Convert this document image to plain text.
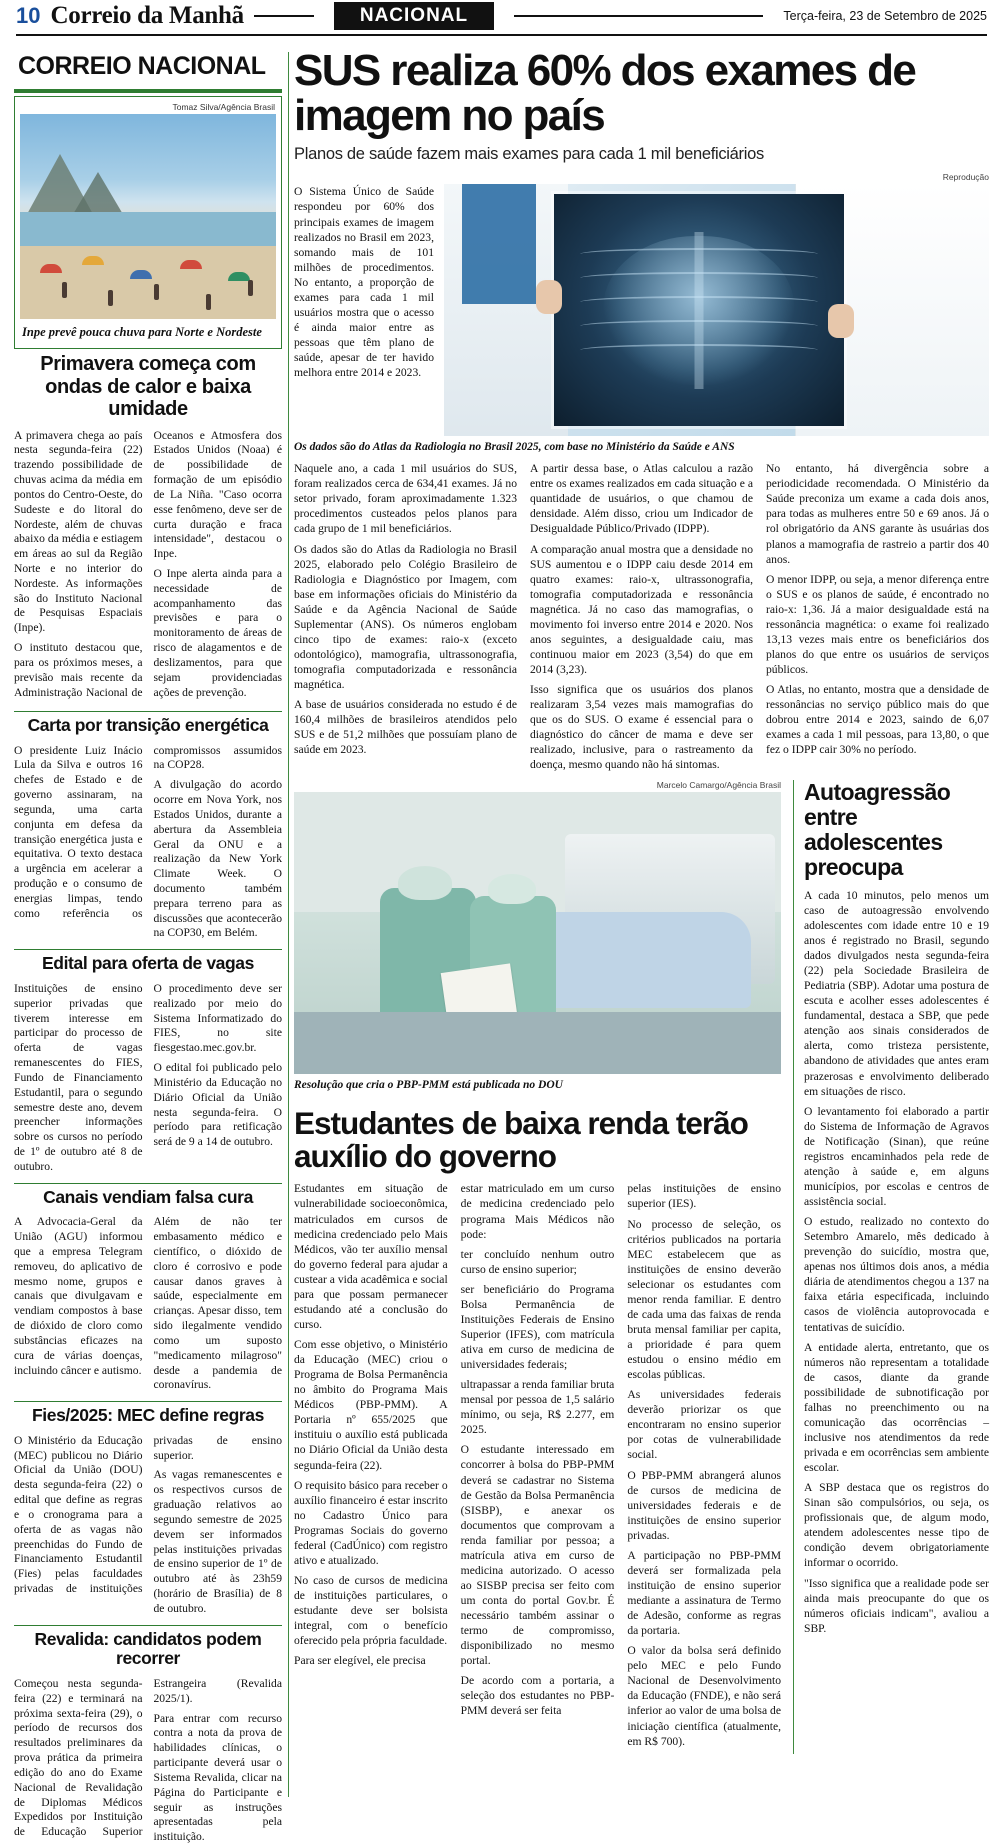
10 Correio da Manhã	NACIONAL	Terça-feira, 23 de Setembro de 2025
CORREIO NACIONAL
Tomaz Silva/Agência Brasil
Inpe prevê pouca chuva para Norte e Nordeste
Primavera começa com ondas de calor e baixa umidade

A primavera chega ao país nesta segunda-feira (22) trazendo possibilidade de chuvas acima da média em pontos do Centro-Oeste, do Sudeste e do litoral do Nordeste, além de chuvas abaixo da média e estiagem em áreas ao sul da Região Norte e no interior do Nordeste. As informações são do Instituto Nacional de Pesquisas Espaciais (Inpe).

O instituto destacou que, para os próximos meses, a previsão mais recente da Administração Nacional de Oceanos e Atmosfera dos Estados Unidos (Noaa) é de possibilidade de formação de um episódio de La Niña. "Caso ocorra esse fenômeno, deve ser de curta duração e fraca intensidade", destacou o Inpe.

O Inpe alerta ainda para a necessidade de acompanhamento das previsões e para o monitoramento de áreas de risco de alagamentos e de deslizamentos, para que sejam providenciadas ações de prevenção.

Carta por transição energética

O presidente Luiz Inácio Lula da Silva e outros 16 chefes de Estado e de governo assinaram, na segunda, uma carta conjunta em defesa da transição energética justa e equitativa. O texto destaca a urgência em acelerar a produção e o consumo de energias limpas, tendo como referência os compromissos assumidos na COP28.

A divulgação do acordo ocorre em Nova York, nos Estados Unidos, durante a abertura da Assembleia Geral da ONU e a realização da New York Climate Week. O documento também prepara terreno para as discussões que acontecerão na COP30, em Belém.

Edital para oferta de vagas

Instituições de ensino superior privadas que tiverem interesse em participar do processo de oferta de vagas remanescentes do FIES, Fundo de Financiamento Estudantil, para o segundo semestre deste ano, devem preencher informações sobre os cursos no período de 1º de outubro até 8 de outubro.

O procedimento deve ser realizado por meio do Sistema Informatizado do FIES, no site fiesgestao.mec.gov.br.

O edital foi publicado pelo Ministério da Educação no Diário Oficial da União nesta segunda-feira. O período para retificação será de 9 a 14 de outubro.

Canais vendiam falsa cura

A Advocacia-Geral da União (AGU) informou que a empresa Telegram removeu, do aplicativo de mesmo nome, grupos e canais que divulgavam e vendiam compostos à base de dióxido de cloro como substâncias eficazes na cura de várias doenças, incluindo câncer e autismo.

Além de não ter embasamento médico e científico, o dióxido de cloro é corrosivo e pode causar danos graves à saúde, especialmente em crianças. Apesar disso, tem sido ilegalmente vendido como um suposto "medicamento milagroso" desde a pandemia de coronavírus.

Fies/2025: MEC define regras

O Ministério da Educação (MEC) publicou no Diário Oficial da União (DOU) desta segunda-feira (22) o edital que define as regras e o cronograma para a oferta de as vagas não preenchidas do Fundo de Financiamento Estudantil (Fies) pelas faculdades privadas de instituições privadas de ensino superior.

As vagas remanescentes e os respectivos cursos de graduação relativos ao segundo semestre de 2025 devem ser informados pelas instituições privadas de ensino superior de 1º de outubro até às 23h59 (horário de Brasília) de 8 de outubro.

Revalida: candidatos podem recorrer

Começou nesta segunda-feira (22) e terminará na próxima sexta-feira (29), o período de recursos dos resultados preliminares da prova prática da primeira edição do ano do Exame Nacional de Revalidação de Diplomas Médicos Expedidos por Instituição de Educação Superior Estrangeira (Revalida 2025/1).

Para entrar com recurso contra a nota da prova de habilidades clínicas, o participante deverá usar o Sistema Revalida, clicar na Página do Participante e seguir as instruções apresentadas pela instituição.

SUS realiza 60% dos exames de imagem no país
Planos de saúde fazem mais exames para cada 1 mil beneficiários
Reprodução

O Sistema Único de Saúde respondeu por 60% dos principais exames de imagem realizados no Brasil em 2023, somando mais de 101 milhões de procedimentos. No entanto, a proporção de exames para cada 1 mil usuários mostra que o acesso é ainda maior entre as pessoas que têm plano de saúde, apesar de ter havido melhora entre 2014 e 2023.

Os dados são do Atlas da Radiologia no Brasil 2025, com base no Ministério da Saúde e ANS

Naquele ano, a cada 1 mil usuários do SUS, foram realizados cerca de 634,41 exames. Já no setor privado, foram aproximadamente 1.323 procedimentos custeados pelos planos para cada grupo de 1 mil beneficiários.

Os dados são do Atlas da Radiologia no Brasil 2025, elaborado pelo Colégio Brasileiro de Radiologia e Diagnóstico por Imagem, com base em informações oficiais do Ministério da Saúde e da Agência Nacional de Saúde Suplementar (ANS). Os números englobam cinco tipo de exames: raio-x (exceto odontológico), mamografia, ultrassonografia, tomografia computadorizada e ressonância magnética.

A base de usuários considerada no estudo é de 160,4 milhões de brasileiros atendidos pelo SUS e de 51,2 milhões que possuíam plano de saúde em 2023.

A partir dessa base, o Atlas calculou a razão entre os exames realizados em cada situação e a quantidade de usuários, o que chamou de densidade. Além disso, criou um Indicador de Desigualdade Público/Privado (IDPP).

A comparação anual mostra que a densidade no SUS aumentou e o IDPP caiu desde 2014 em quatro exames: raio-x, ultrassonografia, tomografia computadorizada e ressonância magnética. Já no caso das mamografias, o movimento foi inverso entre 2014 e 2020. Nos anos seguintes, a desigualdade caiu, mas continuou maior em 2023 (3,54) do que em 2014 (3,23).

Isso significa que os usuários dos planos realizaram 3,54 vezes mais mamografias do que os do SUS. O exame é essencial para o diagnóstico do câncer de mama e deve ser realizado, inclusive, para o rastreamento da doença, mesmo quando não há sintomas.

No entanto, há divergência sobre a periodicidade recomendada. O Ministério da Saúde preconiza um exame a cada dois anos, para todas as mulheres entre 50 e 69 anos. Já o rol obrigatório da ANS garante às usuárias dos planos a mamografia de rastreio a partir dos 40 anos.

O menor IDPP, ou seja, a menor diferença entre o SUS e os planos de saúde, é encontrado no raio-x: 1,36. Já a maior desigualdade está na ressonância magnética: o exame foi realizado 13,13 vezes mais entre os beneficiários dos planos do que entre os usuários de serviços públicos.

O Atlas, no entanto, mostra que a densidade de ressonâncias no serviço público mais do que dobrou entre 2014 e 2023, saindo de 6,07 exames a cada 1 mil pessoas, para 13,80, o que fez o IDPP cair 30% no período.

Marcelo Camargo/Agência Brasil
Resolução que cria o PBP-PMM está publicada no DOU
Estudantes de baixa renda terão auxílio do governo

Estudantes em situação de vulnerabilidade socioeconômica, matriculados em cursos de medicina credenciado pelo Mais Médicos, vão ter auxílio mensal do governo federal para ajudar a custear a vida acadêmica e social para que possam permanecer estudando até a conclusão do curso.

Com esse objetivo, o Ministério da Educação (MEC) criou o Programa de Bolsa Permanência no âmbito do Programa Mais Médicos (PBP-PMM). A Portaria nº 655/2025 que instituiu o auxílio está publicada no Diário Oficial da União desta segunda-feira (22).

O requisito básico para receber o auxílio financeiro é estar inscrito no Cadastro Único para Programas Sociais do governo federal (CadÚnico) com registro ativo e atualizado.

No caso de cursos de medicina de instituições particulares, o estudante deve ser bolsista integral, com o benefício oferecido pela própria faculdade.

Para ser elegível, ele precisa

estar matriculado em um curso de medicina credenciado pelo programa Mais Médicos não pode:

ter concluído nenhum outro curso de ensino superior;

ser beneficiário do Programa Bolsa Permanência de Instituições Federais de Ensino Superior (IFES), com matrícula ativa em curso de medicina de universidades federais;

ultrapassar a renda familiar bruta mensal por pessoa de 1,5 salário mínimo, ou seja, R$ 2.277, em 2025.

O estudante interessado em concorrer à bolsa do PBP-PMM deverá se cadastrar no Sistema de Gestão da Bolsa Permanência (SISBP), e anexar os documentos que comprovam a renda familiar por pessoa; a matrícula ativa em curso de medicina autorizado. O acesso ao SISBP precisa ser feito com um conta do portal Gov.br. É necessário também assinar o termo de compromisso, disponibilizado no mesmo portal.

De acordo com a portaria, a seleção dos estudantes no PBP-PMM deverá ser feita

pelas instituições de ensino superior (IES).

No processo de seleção, os critérios publicados na portaria MEC estabelecem que as instituições de ensino deverão selecionar os estudantes com menor renda familiar. E dentro de cada uma das faixas de renda bruta mensal familiar per capita, a prioridade é para quem estudou o ensino médio em escolas públicas.

As universidades federais deverão priorizar os que encontraram no ensino superior por cotas de vulnerabilidade social.

O PBP-PMM abrangerá alunos de cursos de medicina de universidades federais e de instituições de ensino superior privadas.

A participação no PBP-PMM deverá ser formalizada pela instituição de ensino superior mediante a assinatura de Termo de Adesão, conforme as regras da portaria.

O valor da bolsa será definido pelo MEC e pelo Fundo Nacional de Desenvolvimento da Educação (FNDE), e não será inferior ao valor de uma bolsa de iniciação científica (atualmente, em R$ 700).

Autoagressão entre adolescentes preocupa

A cada 10 minutos, pelo menos um caso de autoagressão envolvendo adolescentes com idade entre 10 e 19 anos é registrado no Brasil, segundo dados divulgados nesta segunda-feira (22) pela Sociedade Brasileira de Pediatria (SBP). Adotar uma postura de escuta e acolher esses adolescentes é fundamental, destaca a SBP, que pede atenção aos sinais considerados de alerta, como tristeza persistente, abandono de atividades que antes eram prazerosas e envolvimento deliberado em situações de risco.

O levantamento foi elaborado a partir do Sistema de Informação de Agravos de Notificação (Sinan), que reúne registros encaminhados pela rede de atenção à saúde e, em alguns municípios, por escolas e centros de assistência social.

O estudo, realizado no contexto do Setembro Amarelo, mês dedicado à prevenção do suicídio, mostra que, apenas nos últimos dois anos, a média diária de atendimentos chegou a 137 na faixa etária especificada, incluindo casos de violência autoprovocada e tentativas de suicídio.

A entidade alerta, entretanto, que os números não representam a totalidade de casos, diante da grande possibilidade de subnotificação por falhas no preenchimento ou na comunicação das ocorrências – inclusive nos atendimentos da rede privada e em ocorrências sem ambiente escolar.

A SBP destaca que os registros do Sinan são compulsórios, ou seja, os profissionais que, de algum modo, atendem adolescentes nesse tipo de condição devem obrigatoriamente informar o ocorrido.

"Isso significa que a realidade pode ser ainda mais preocupante do que os números oficiais indicam", avaliou a SBP.
